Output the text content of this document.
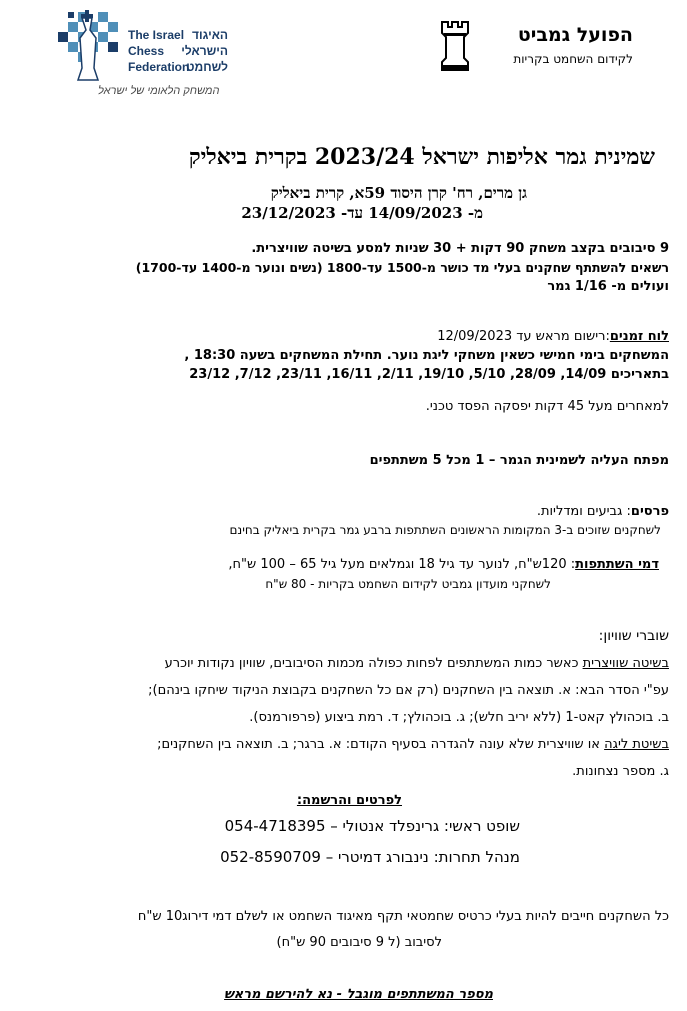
The Israel
Chess
Federation
האיגוד
הישראלי
לשחמט
המשחק הלאומי של ישראל
הפועל גמביט
לקידום השחמט בקריות
שמינית גמר אליפות ישראל 2023/24 בקרית ביאליק
גן מרים, רח' קרן היסוד 59א, קרית ביאליק
מ- 14/09/2023 עד- 23/12/2023
9 סיבובים בקצב משחק 90 דקות + 30 שניות למסע בשיטה שוויצרית.
רשאים להשתתף שחקנים בעלי מד כושר מ-1500 עד-1800 (נשים ונוער מ-1400 עד-1700)
ועולים מ- 1/16 גמר
לוח זמנים:רישום מראש עד 12/09/2023
המשחקים בימי חמישי כשאין משחקי ליגת נוער. תחילת המשחקים בשעה 18:30 ,
בתאריכים 14/09, 28/09, 5/10, 19/10, 2/11, 16/11, 23/11, 7/12, 23/12
למאחרים מעל 45 דקות יפסקה הפסד טכני.
מפתח העליה לשמינית הגמר – 1 מכל 5 משתתפים
פרסים: גביעים ומדליות.
לשחקנים שזוכים ב-3 המקומות הראשונים השתתפות ברבע גמר בקרית ביאליק בחינם
דמי השתתפות: 120ש"ח, לנוער עד גיל 18 וגמלאים מעל גיל 65 – 100 ש"ח,
לשחקני מועדון גמביט לקידום השחמט בקריות - 80 ש"ח
שוברי שוויון:
בשיטה שוויצרית כאשר כמות המשתתפים לפחות כפולה מכמות הסיבובים, שוויון נקודות יוכרע
עפ"י הסדר הבא: א. תוצאה בין השחקנים (רק אם כל השחקנים בקבוצת הניקוד שיחקו בינהם);
ב. בוכהולץ קאט-1 (ללא יריב חלש); ג. בוכהולץ; ד. רמת ביצוע (פרפורמנס).
בשיטת ליגה או שוויצרית שלא עונה להגדרה בסעיף הקודם: א. ברגר; ב. תוצאה בין השחקנים;
ג. מספר נצחונות.
לפרטים והרשמה:
שופט ראשי: גרינפלד אנטולי – 054-4718395
מנהל תחרות: נינבורג דמיטרי – 052-8590709
כל השחקנים חייבים להיות בעלי כרטיס שחמטאי תקף מאיגוד השחמט או לשלם דמי דירוג10 ש"ח
לסיבוב (ל 9 סיבובים 90 ש"ח)
מספר המשתתפים מוגבל - נא להירשם מראש
